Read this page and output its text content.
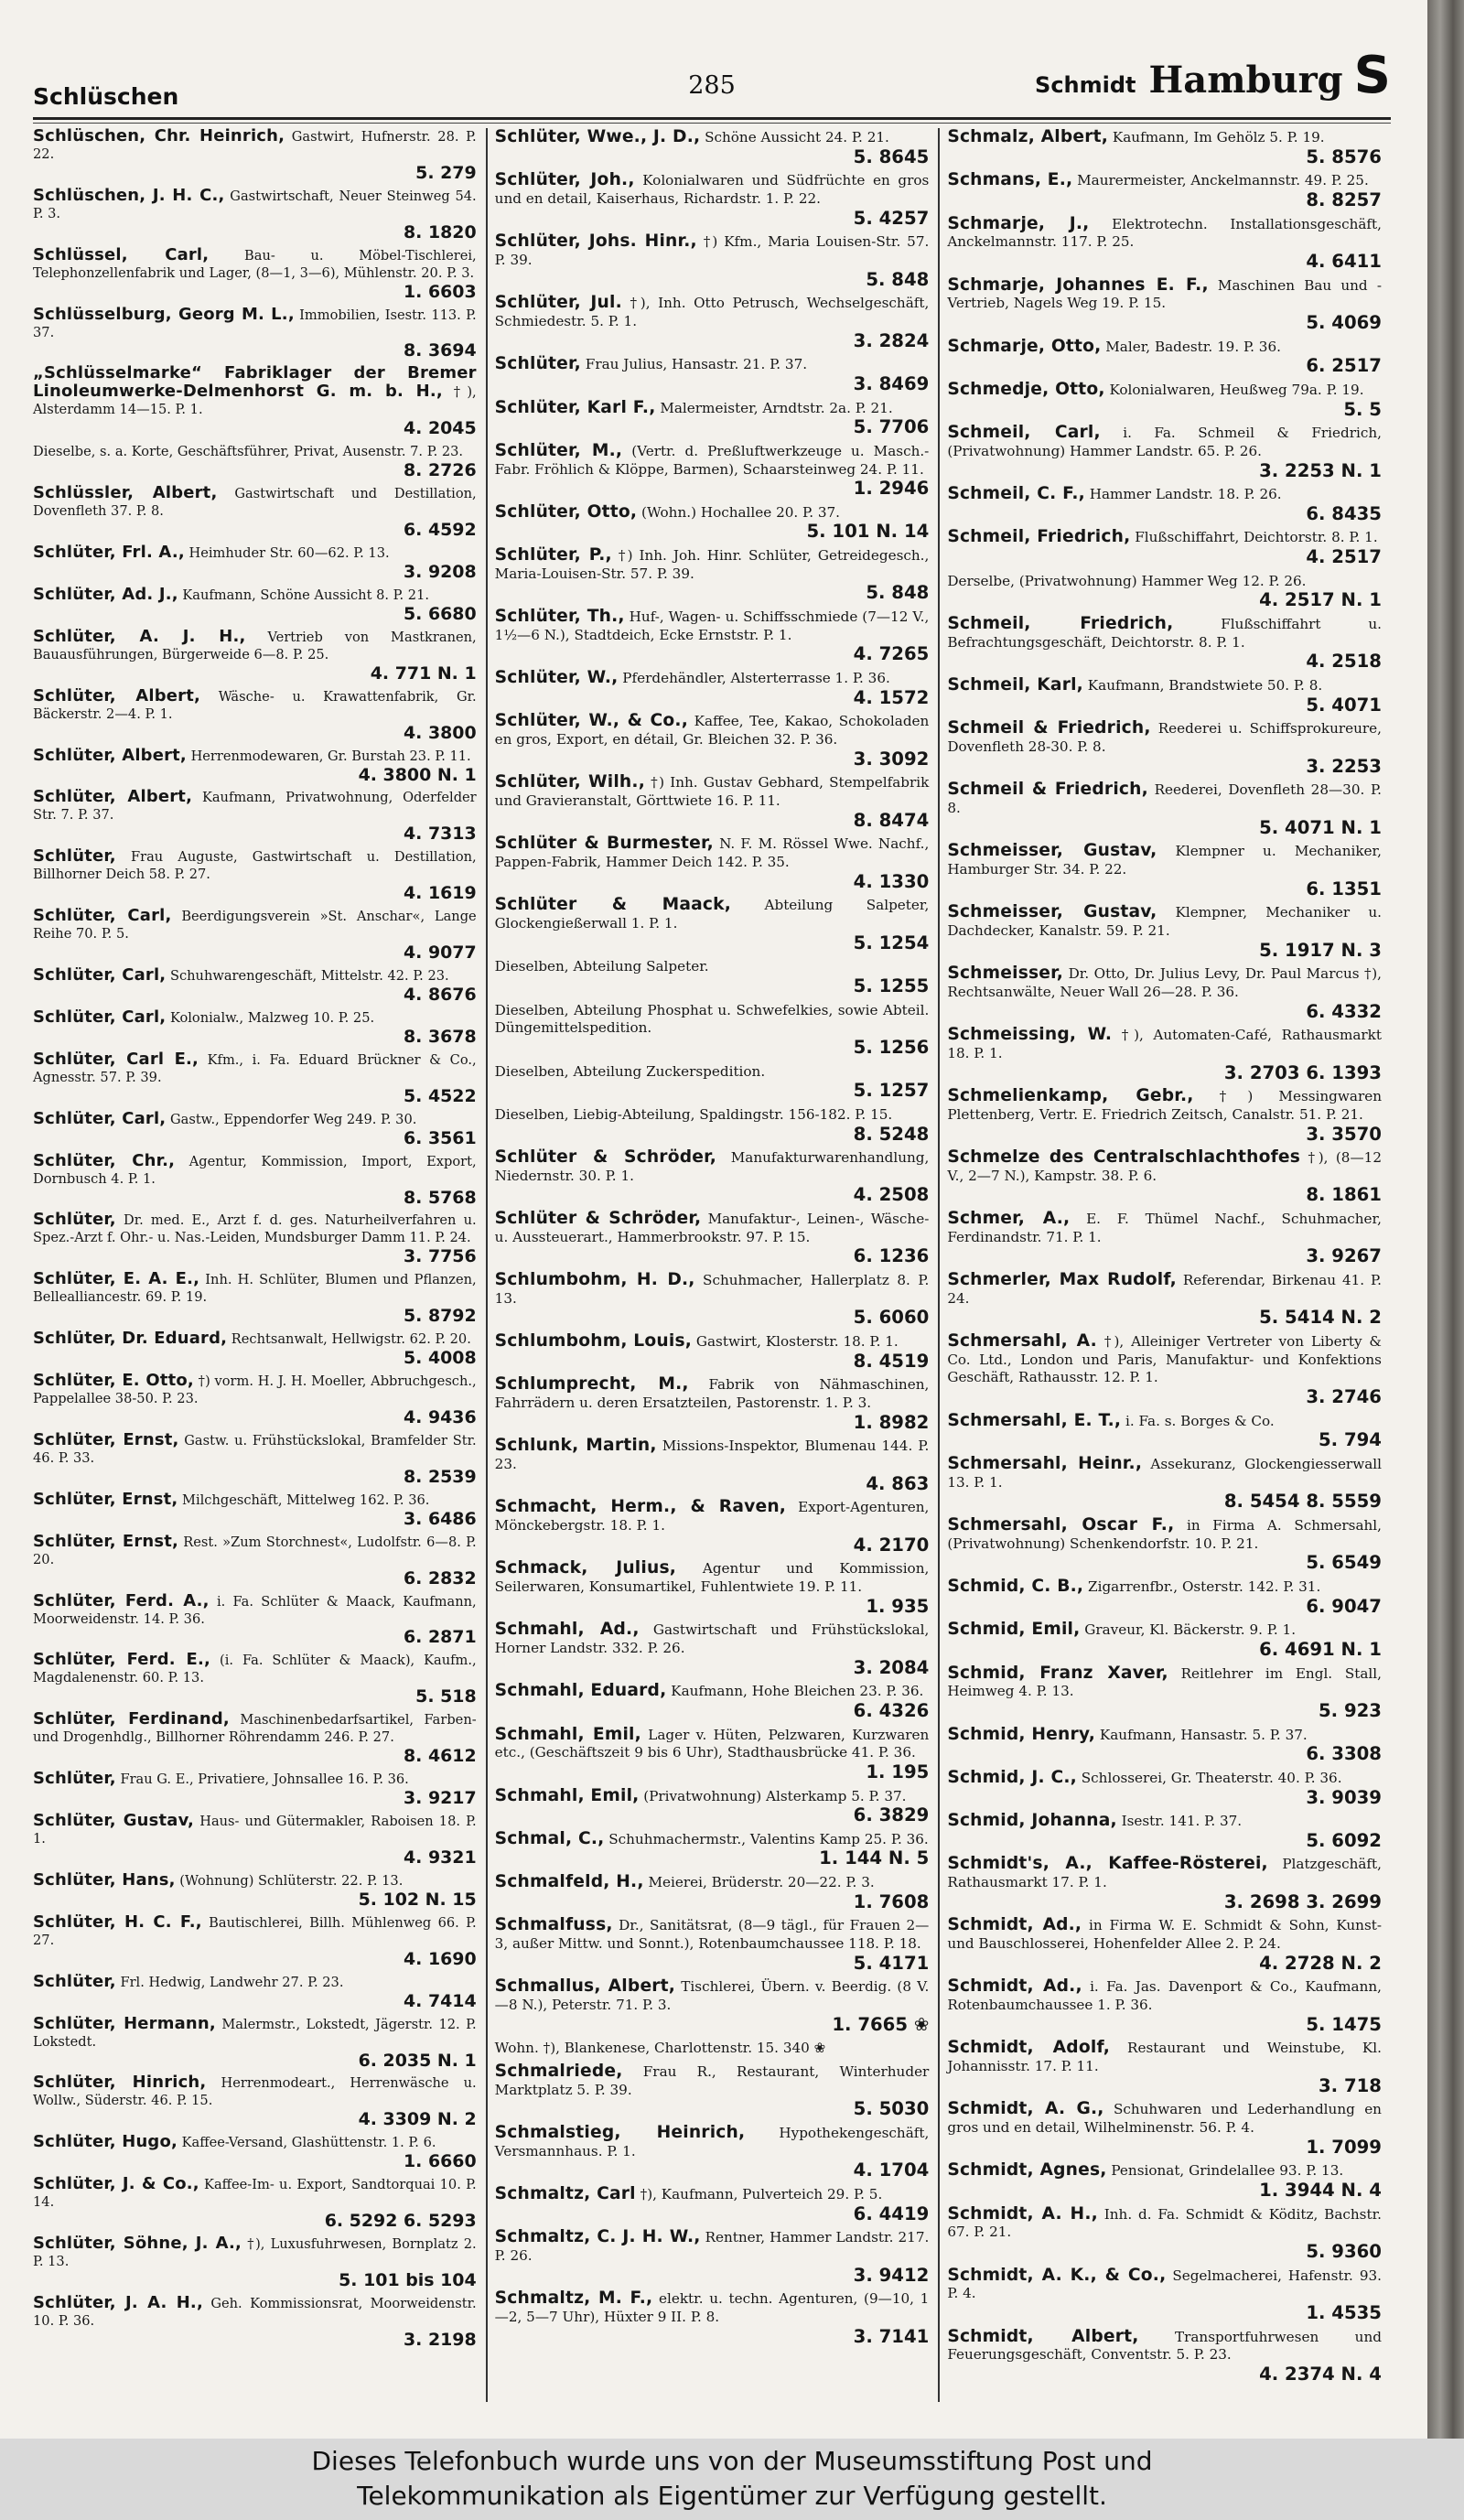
Schlüschen	285	Schmidt Hamburg S
Schlüschen, Chr. Heinrich, Gastwirt, Hufnerstr. 28. P. 22.
5. 279
Schlüschen, J. H. C., Gastwirtschaft, Neuer Steinweg 54. P. 3.
8. 1820
Schlüssel, Carl,	Bau- u. Möbel-Tischlerei, Telephonzellenfabrik und Lager, (8—1, 3—6), Mühlenstr. 20. P. 3.
1. 6603
Schlüsselburg, Georg M. L., Immobilien, Isestr. 113. P. 37.
8. 3694
„Schlüsselmarke“ Fabriklager der Bremer Linoleumwerke-Delmenhorst G. m. b. H., †), Alsterdamm 14—15. P. 1.
4. 2045
Dieselbe, s. a. Korte, Geschäftsführer, Privat, Ausenstr. 7. P. 23.
8. 2726
Schlüssler, Albert, Gastwirtschaft und Destillation, Dovenfleth 37. P. 8.
6. 4592
Schlüter, Frl. A., Heimhuder Str. 60—62. P. 13.
3. 9208
Schlüter, Ad. J., Kaufmann, Schöne Aussicht 8. P. 21.
5. 6680
Schlüter, A. J. H., Vertrieb von Mastkranen, Bauausführungen, Bürgerweide 6—8. P. 25.
4. 771 N. 1
Schlüter, Albert, Wäsche- u. Krawattenfabrik, Gr. Bäckerstr. 2—4. P. 1.
4. 3800
Schlüter, Albert, Herrenmodewaren, Gr. Burstah 23. P. 11.
4. 3800 N. 1
Schlüter, Albert, Kaufmann, Privatwohnung, Oderfelder Str. 7. P. 37.
4. 7313
Schlüter, Frau Auguste, Gastwirtschaft u. Destillation, Billhorner Deich 58. P. 27.
4. 1619
Schlüter, Carl, Beerdigungsverein »St. Anschar«, Lange Reihe 70. P. 5.
4. 9077
Schlüter, Carl, Schuhwarengeschäft, Mittelstr. 42. P. 23.
4. 8676
Schlüter, Carl, Kolonialw., Malzweg 10. P. 25.
8. 3678
Schlüter, Carl E., Kfm., i. Fa. Eduard Brückner & Co., Agnesstr. 57. P. 39.
5. 4522
Schlüter, Carl, Gastw., Eppendorfer Weg 249. P. 30.
6. 3561
Schlüter, Chr., Agentur, Kommission, Import, Export, Dornbusch 4. P. 1.
8. 5768
Schlüter, Dr. med. E., Arzt f. d. ges. Naturheilverfahren u. Spez.-Arzt f. Ohr.- u. Nas.-Leiden, Mundsburger Damm 11. P. 24.
3. 7756
Schlüter, E. A. E., Inh. H. Schlüter, Blumen und Pflanzen, Bellealliancestr. 69. P. 19.
5. 8792
Schlüter, Dr. Eduard, Rechtsanwalt, Hellwigstr. 62. P. 20.
5. 4008
Schlüter, E. Otto, †) vorm. H. J. H. Moeller, Abbruchgesch., Pappelallee 38-50. P. 23.
4. 9436
Schlüter, Ernst, Gastw. u. Frühstückslokal, Bramfelder Str. 46. P. 33.
8. 2539
Schlüter, Ernst, Milchgeschäft, Mittelweg 162. P. 36.
3. 6486
Schlüter, Ernst, Rest. »Zum Storchnest«, Ludolfstr. 6—8. P. 20.
6. 2832
Schlüter, Ferd. A., i. Fa. Schlüter & Maack, Kaufmann, Moorweidenstr. 14. P. 36.
6. 2871
Schlüter, Ferd. E., (i. Fa. Schlüter & Maack), Kaufm., Magdalenenstr. 60. P. 13.
5. 518
Schlüter, Ferdinand, Maschinenbedarfsartikel, Farben- und Drogenhdlg., Billhorner Röhrendamm 246. P. 27.
8. 4612
Schlüter, Frau G. E., Privatiere, Johnsallee 16. P. 36.
3. 9217
Schlüter, Gustav, Haus- und Gütermakler, Raboisen 18. P. 1.
4. 9321
Schlüter, Hans, (Wohnung) Schlüterstr. 22. P. 13.
5. 102 N. 15
Schlüter, H. C. F., Bautischlerei, Billh. Mühlenweg 66. P. 27.
4. 1690
Schlüter, Frl. Hedwig, Landwehr 27. P. 23.
4. 7414
Schlüter, Hermann, Malermstr., Lokstedt, Jägerstr. 12. P. Lokstedt.
6. 2035 N. 1
Schlüter, Hinrich, Herrenmodeart., Herrenwäsche u. Wollw., Süderstr. 46. P. 15.
4. 3309 N. 2
Schlüter, Hugo, Kaffee-Versand, Glashüttenstr. 1. P. 6.
1. 6660
Schlüter, J. & Co., Kaffee-Im- u. Export, Sandtorquai 10. P. 14.
6. 5292 6. 5293
Schlüter, Söhne, J. A., †), Luxusfuhrwesen, Bornplatz 2. P. 13.
5. 101 bis 104
Schlüter, J. A. H., Geh. Kommissionsrat, Moorweidenstr. 10. P. 36.
3. 2198
Schlüter, Wwe., J. D., Schöne Aussicht 24. P. 21.
5. 8645
Schlüter, Joh., Kolonialwaren und Südfrüchte en gros und en detail, Kaiserhaus, Richardstr. 1. P. 22.
5. 4257
Schlüter, Johs. Hinr., †) Kfm., Maria Louisen-Str. 57. P. 39.
5. 848
Schlüter, Jul. †), Inh. Otto Petrusch, Wechselgeschäft, Schmiedestr. 5. P. 1.
3. 2824
Schlüter, Frau Julius, Hansastr. 21. P. 37.
3. 8469
Schlüter, Karl F., Malermeister, Arndtstr. 2a. P. 21.
5. 7706
Schlüter, M., (Vertr. d. Preßluftwerkzeuge u. Masch.-Fabr. Fröhlich & Klöppe, Barmen), Schaarsteinweg 24. P. 11.
1. 2946
Schlüter, Otto, (Wohn.) Hochallee 20. P. 37.
5. 101 N. 14
Schlüter, P., †) Inh. Joh. Hinr. Schlüter, Getreidegesch., Maria-Louisen-Str. 57. P. 39.
5. 848
Schlüter, Th., Huf-, Wagen- u. Schiffsschmiede (7—12 V., 1½—6 N.), Stadtdeich, Ecke Ernststr. P. 1.
4. 7265
Schlüter, W., Pferdehändler, Alsterterrasse 1. P. 36.
4. 1572
Schlüter, W., & Co., Kaffee, Tee, Kakao, Schokoladen en gros, Export, en détail, Gr. Bleichen 32. P. 36.
3. 3092
Schlüter, Wilh., †) Inh. Gustav Gebhard, Stempelfabrik und Gravieranstalt, Görttwiete 16. P. 11.
8. 8474
Schlüter & Burmester, N. F. M. Rössel Wwe. Nachf., Pappen-Fabrik, Hammer Deich 142. P. 35.
4. 1330
Schlüter & Maack, Abteilung Salpeter, Glockengießerwall 1. P. 1.
5. 1254
Dieselben, Abteilung Salpeter.
5. 1255
Dieselben, Abteilung Phosphat u. Schwefelkies, sowie Abteil. Düngemittelspedition.
5. 1256
Dieselben, Abteilung Zuckerspedition.
5. 1257
Dieselben, Liebig-Abteilung, Spaldingstr. 156-182. P. 15.
8. 5248
Schlüter & Schröder, Manufakturwarenhandlung, Niedernstr. 30. P. 1.
4. 2508
Schlüter & Schröder, Manufaktur-, Leinen-, Wäsche- u. Aussteuerart., Hammerbrookstr. 97. P. 15.
6. 1236
Schlumbohm, H. D., Schuhmacher, Hallerplatz 8. P. 13.
5. 6060
Schlumbohm, Louis, Gastwirt, Klosterstr. 18. P. 1.
8. 4519
Schlumprecht, M., Fabrik von Nähmaschinen, Fahrrädern u. deren Ersatzteilen, Pastorenstr. 1. P. 3.
1. 8982
Schlunk, Martin, Missions-Inspektor, Blumenau 144. P. 23.
4. 863
Schmacht, Herm., & Raven, Export-Agenturen, Mönckebergstr. 18. P. 1.
4. 2170
Schmack, Julius, Agentur und Kommission, Seilerwaren, Konsumartikel, Fuhlentwiete 19. P. 11.
1. 935
Schmahl, Ad., Gastwirtschaft und Frühstückslokal, Horner Landstr. 332. P. 26.
3. 2084
Schmahl, Eduard, Kaufmann, Hohe Bleichen 23. P. 36.
6. 4326
Schmahl, Emil, Lager v. Hüten, Pelzwaren, Kurzwaren etc., (Geschäftszeit 9 bis 6 Uhr), Stadthausbrücke 41. P. 36.
1. 195
Schmahl, Emil, (Privatwohnung) Alsterkamp 5. P. 37.
6. 3829
Schmal, C., Schuhmachermstr., Valentins Kamp 25. P. 36.
1. 144 N. 5
Schmalfeld, H., Meierei, Brüderstr. 20—22. P. 3.
1. 7608
Schmalfuss, Dr., Sanitätsrat, (8—9 tägl., für Frauen 2—3, außer Mittw. und Sonnt.), Rotenbaumchaussee 118. P. 18.
5. 4171
Schmallus, Albert, Tischlerei, Übern. v. Beerdig. (8 V.—8 N.), Peterstr. 71. P. 3.
1. 7665 ❀
Wohn. †), Blankenese, Charlottenstr. 15. 340 ❀
Schmalriede, Frau R., Restaurant, Winterhuder Marktplatz 5. P. 39.
5. 5030
Schmalstieg, Heinrich, Hypothekengeschäft, Versmannhaus. P. 1.
4. 1704
Schmaltz, Carl †), Kaufmann, Pulverteich 29. P. 5.
6. 4419
Schmaltz, C. J. H. W., Rentner, Hammer Landstr. 217. P. 26.
3. 9412
Schmaltz, M. F., elektr. u. techn. Agenturen, (9—10, 1—2, 5—7 Uhr), Hüxter 9 II. P. 8.
3. 7141
Schmalz, Albert, Kaufmann, Im Gehölz 5. P. 19.
5. 8576
Schmans, E., Maurermeister, Anckelmannstr. 49. P. 25.
8. 8257
Schmarje, J., Elektrotechn. Installationsgeschäft, Anckelmannstr. 117. P. 25.
4. 6411
Schmarje, Johannes E. F., Maschinen Bau und -Vertrieb, Nagels Weg 19. P. 15.
5. 4069
Schmarje, Otto, Maler, Badestr. 19. P. 36.
6. 2517
Schmedje, Otto, Kolonialwaren, Heußweg 79a. P. 19.
5. 5
Schmeil, Carl, i. Fa. Schmeil & Friedrich, (Privatwohnung) Hammer Landstr. 65. P. 26.
3. 2253 N. 1
Schmeil, C. F., Hammer Landstr. 18. P. 26.
6. 8435
Schmeil, Friedrich, Flußschiffahrt, Deichtorstr. 8. P. 1.
4. 2517
Derselbe, (Privatwohnung) Hammer Weg 12. P. 26.
4. 2517 N. 1
Schmeil, Friedrich,	Flußschiffahrt u. Befrachtungsgeschäft, Deichtorstr. 8. P. 1.
4. 2518
Schmeil, Karl, Kaufmann, Brandstwiete 50. P. 8.
5. 4071
Schmeil & Friedrich, Reederei u. Schiffsprokureure, Dovenfleth 28-30. P. 8.
3. 2253
Schmeil & Friedrich, Reederei, Dovenfleth 28—30. P. 8.
5. 4071 N. 1
Schmeisser, Gustav, Klempner u. Mechaniker, Hamburger Str. 34. P. 22.
6. 1351
Schmeisser, Gustav, Klempner, Mechaniker u. Dachdecker, Kanalstr. 59. P. 21.
5. 1917 N. 3
Schmeisser, Dr. Otto, Dr. Julius Levy, Dr. Paul Marcus †), Rechtsanwälte, Neuer Wall 26—28. P. 36.
6. 4332
Schmeissing, W. †), Automaten-Café, Rathausmarkt 18. P. 1.
3. 2703 6. 1393
Schmelienkamp, Gebr., †) Messingwaren Plettenberg, Vertr. E. Friedrich Zeitsch, Canalstr. 51. P. 21.
3. 3570
Schmelze des Centralschlachthofes †), (8—12 V., 2—7 N.), Kampstr. 38. P. 6.
8. 1861
Schmer, A., E. F. Thümel Nachf., Schuhmacher, Ferdinandstr. 71. P. 1.
3. 9267
Schmerler, Max Rudolf, Referendar, Birkenau 41. P. 24.
5. 5414 N. 2
Schmersahl, A. †), Alleiniger Vertreter von Liberty & Co. Ltd., London und Paris, Manufaktur- und Konfektions Geschäft, Rathausstr. 12. P. 1.
3. 2746
Schmersahl, E. T., i. Fa. s. Borges & Co.
5. 794
Schmersahl, Heinr., Assekuranz, Glockengiesserwall 13. P. 1.
8. 5454 8. 5559
Schmersahl, Oscar F., in Firma A. Schmersahl, (Privatwohnung) Schenkendorfstr. 10. P. 21.
5. 6549
Schmid, C. B., Zigarrenfbr., Osterstr. 142. P. 31.
6. 9047
Schmid, Emil, Graveur, Kl. Bäckerstr. 9. P. 1.
6. 4691 N. 1
Schmid, Franz Xaver, Reitlehrer im Engl. Stall, Heimweg 4. P. 13.
5. 923
Schmid, Henry, Kaufmann, Hansastr. 5. P. 37.
6. 3308
Schmid, J. C., Schlosserei, Gr. Theaterstr. 40. P. 36.
3. 9039
Schmid, Johanna, Isestr. 141. P. 37.
5. 6092
Schmidt's, A., Kaffee-Rösterei, Platzgeschäft, Rathausmarkt 17. P. 1.
3. 2698 3. 2699
Schmidt, Ad., in Firma W. E. Schmidt & Sohn, Kunst- und Bauschlosserei, Hohenfelder Allee 2. P. 24.
4. 2728 N. 2
Schmidt, Ad., i. Fa. Jas. Davenport & Co., Kaufmann, Rotenbaumchaussee 1. P. 36.
5. 1475
Schmidt, Adolf, Restaurant und Weinstube, Kl. Johannisstr. 17. P. 11.
3. 718
Schmidt, A. G., Schuhwaren und Lederhandlung en gros und en detail, Wilhelminenstr. 56. P. 4.
1. 7099
Schmidt, Agnes, Pensionat, Grindelallee 93. P. 13.
1. 3944 N. 4
Schmidt, A. H., Inh. d. Fa. Schmidt & Köditz, Bachstr. 67. P. 21.
5. 9360
Schmidt, A. K., & Co., Segelmacherei, Hafenstr. 93. P. 4.
1. 4535
Schmidt, Albert,	Transportfuhrwesen und Feuerungsgeschäft, Conventstr. 5. P. 23.
4. 2374 N. 4
Dieses Telefonbuch wurde uns von der Museumsstiftung Post und
Telekommunikation als Eigentümer zur Verfügung gestellt.
